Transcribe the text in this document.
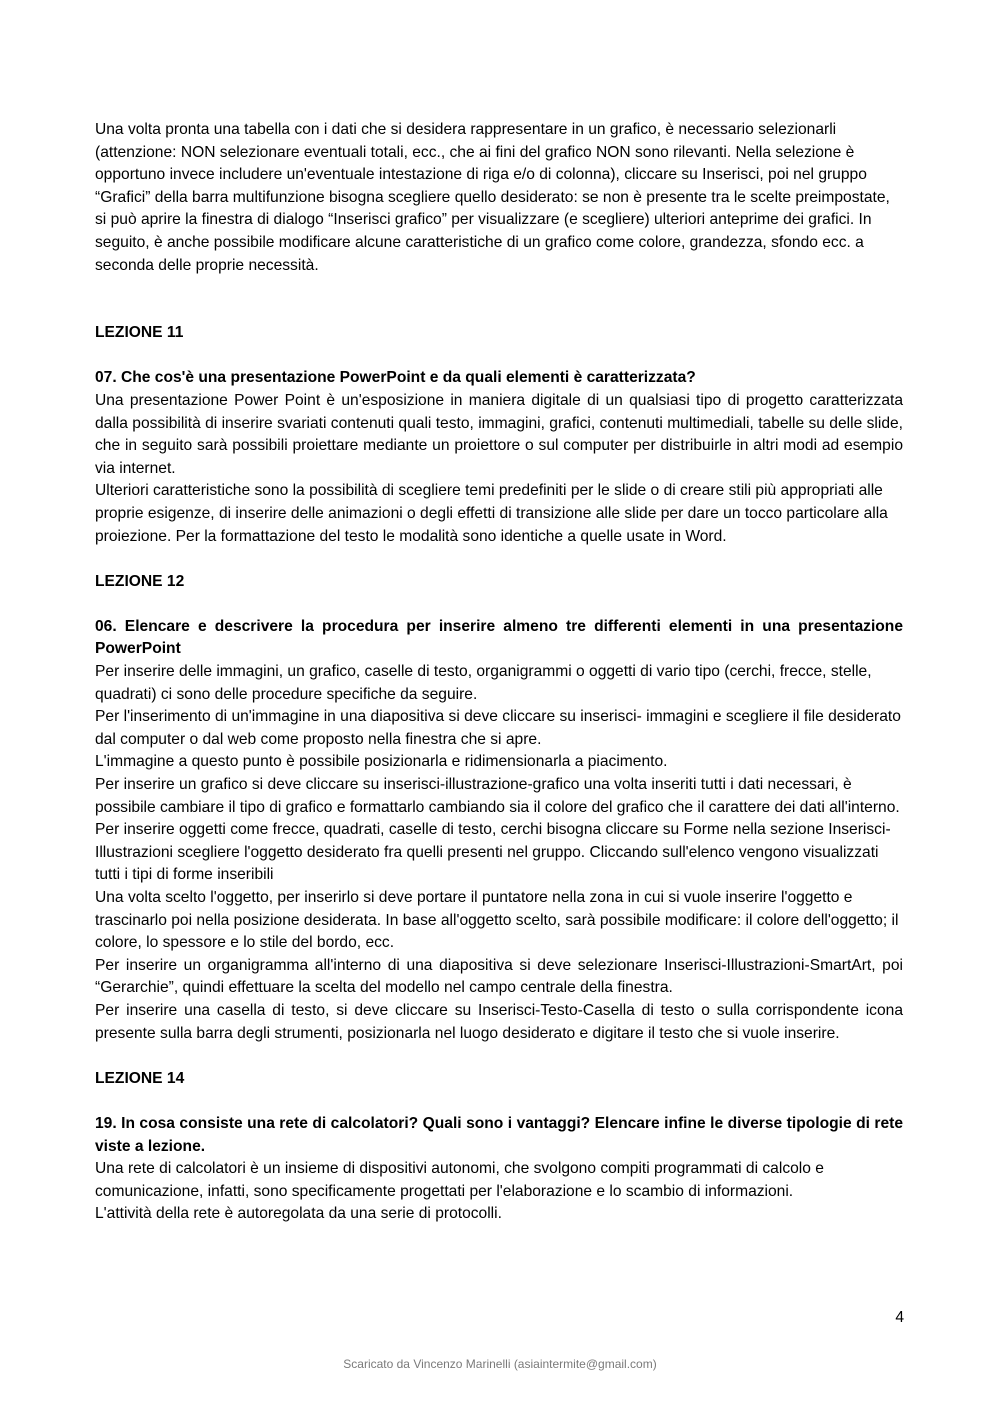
Una volta pronta una tabella con i dati che si desidera rappresentare in un grafico, è necessario selezionarli (attenzione: NON selezionare eventuali totali, ecc., che ai fini del grafico NON sono rilevanti. Nella selezione è opportuno invece includere un'eventuale intestazione di riga e/o di colonna), cliccare su Inserisci, poi nel gruppo “Grafici” della barra multifunzione bisogna scegliere quello desiderato: se non è presente tra le scelte preimpostate, si può aprire la finestra di dialogo “Inserisci grafico” per visualizzare (e scegliere) ulteriori anteprime dei grafici. In seguito, è anche possibile modificare alcune caratteristiche di un grafico come colore, grandezza, sfondo ecc. a seconda delle proprie necessità.

LEZIONE 11

07. Che cos'è una presentazione PowerPoint e da quali elementi è caratterizzata?

Una presentazione Power Point è un'esposizione in maniera digitale di un qualsiasi tipo di progetto caratterizzata dalla possibilità di inserire svariati contenuti quali testo, immagini, grafici, contenuti multimediali, tabelle su delle slide, che in seguito sarà possibili proiettare mediante un proiettore o sul computer per distribuirle in altri modi ad esempio via internet.

Ulteriori caratteristiche sono la possibilità di scegliere temi predefiniti per le slide o di creare stili più appropriati alle proprie esigenze, di inserire delle animazioni o degli effetti di transizione alle slide per dare un tocco particolare alla proiezione. Per la formattazione del testo le modalità sono identiche a quelle usate in Word.

LEZIONE 12

06. Elencare e descrivere la procedura per inserire almeno tre differenti elementi in una presentazione PowerPoint

Per inserire delle immagini, un grafico, caselle di testo, organigrammi o oggetti di vario tipo (cerchi, frecce, stelle, quadrati) ci sono delle procedure specifiche da seguire.

Per l'inserimento di un'immagine in una diapositiva si deve cliccare su inserisci- immagini e scegliere il file desiderato dal computer o dal web come proposto nella finestra che si apre.

L'immagine a questo punto è possibile posizionarla e ridimensionarla a piacimento.

Per inserire un grafico si deve cliccare su inserisci-illustrazione-grafico una volta inseriti tutti i dati necessari, è possibile cambiare il tipo di grafico e formattarlo cambiando sia il colore del grafico che il carattere dei dati all'interno.

Per inserire oggetti come frecce, quadrati, caselle di testo, cerchi bisogna cliccare su Forme nella sezione Inserisci-Illustrazioni scegliere l'oggetto desiderato fra quelli presenti nel gruppo. Cliccando sull'elenco vengono visualizzati tutti i tipi di forme inseribili

Una volta scelto l'oggetto, per inserirlo si deve portare il puntatore nella zona in cui si vuole inserire l'oggetto e trascinarlo poi nella posizione desiderata. In base all'oggetto scelto, sarà possibile modificare: il colore dell'oggetto; il colore, lo spessore e lo stile del bordo, ecc.

Per inserire un organigramma all'interno di una diapositiva si deve selezionare Inserisci-Illustrazioni-SmartArt, poi “Gerarchie”, quindi effettuare la scelta del modello nel campo centrale della finestra.

Per inserire una casella di testo, si deve cliccare su Inserisci-Testo-Casella di testo o sulla corrispondente icona presente sulla barra degli strumenti, posizionarla nel luogo desiderato e digitare il testo che si vuole inserire.

LEZIONE 14

19. In cosa consiste una rete di calcolatori? Quali sono i vantaggi? Elencare infine le diverse tipologie di rete viste a lezione.

Una rete di calcolatori è un insieme di dispositivi autonomi, che svolgono compiti programmati di calcolo e comunicazione, infatti, sono specificamente progettati per l'elaborazione e lo scambio di informazioni.

L'attività della rete è autoregolata da una serie di protocolli.

4
Scaricato da Vincenzo Marinelli (asiaintermite@gmail.com)
